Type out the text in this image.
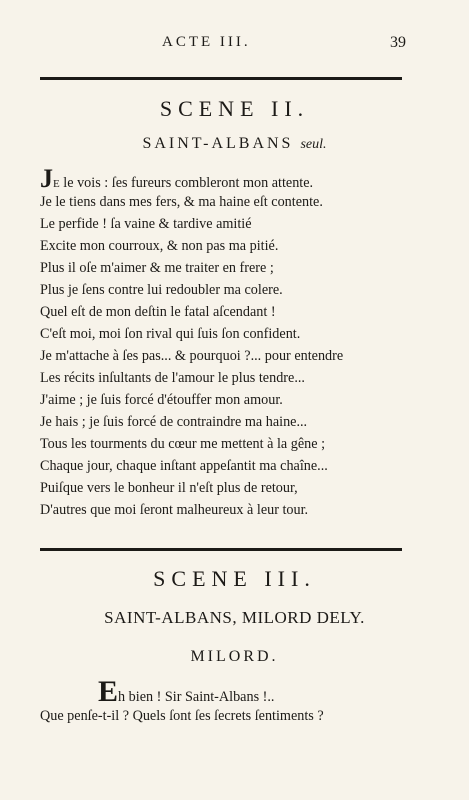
ACTE III.	39
SCENE II.
SAINT-ALBANS seul.
JE le vois : ſes fureurs combleront mon attente.
Je le tiens dans mes fers, & ma haine eſt contente.
Le perfide ! ſa vaine & tardive amitié
Excite mon courroux, & non pas ma pitié.
Plus il oſe m'aimer & me traiter en frere ;
Plus je ſens contre lui redoubler ma colere.
Quel eſt de mon deſtin le fatal aſcendant !
C'eſt moi, moi ſon rival qui ſuis ſon confident.
Je m'attache à ſes pas... & pourquoi ?... pour entendre
Les récits inſultants de l'amour le plus tendre...
J'aime ; je ſuis forcé d'étouffer mon amour.
Je hais ; je ſuis forcé de contraindre ma haine...
Tous les tourments du cœur me mettent à la gêne ;
Chaque jour, chaque inſtant appeſantit ma chaîne...
Puiſque vers le bonheur il n'eſt plus de retour,
D'autres que moi ſeront malheureux à leur tour.
SCENE III.
SAINT-ALBANS, MILORD DELY.
MILORD.
Eh bien ! Sir Saint-Albans !..
Que penſe-t-il ? Quels ſont ſes ſecrets ſentiments ?
